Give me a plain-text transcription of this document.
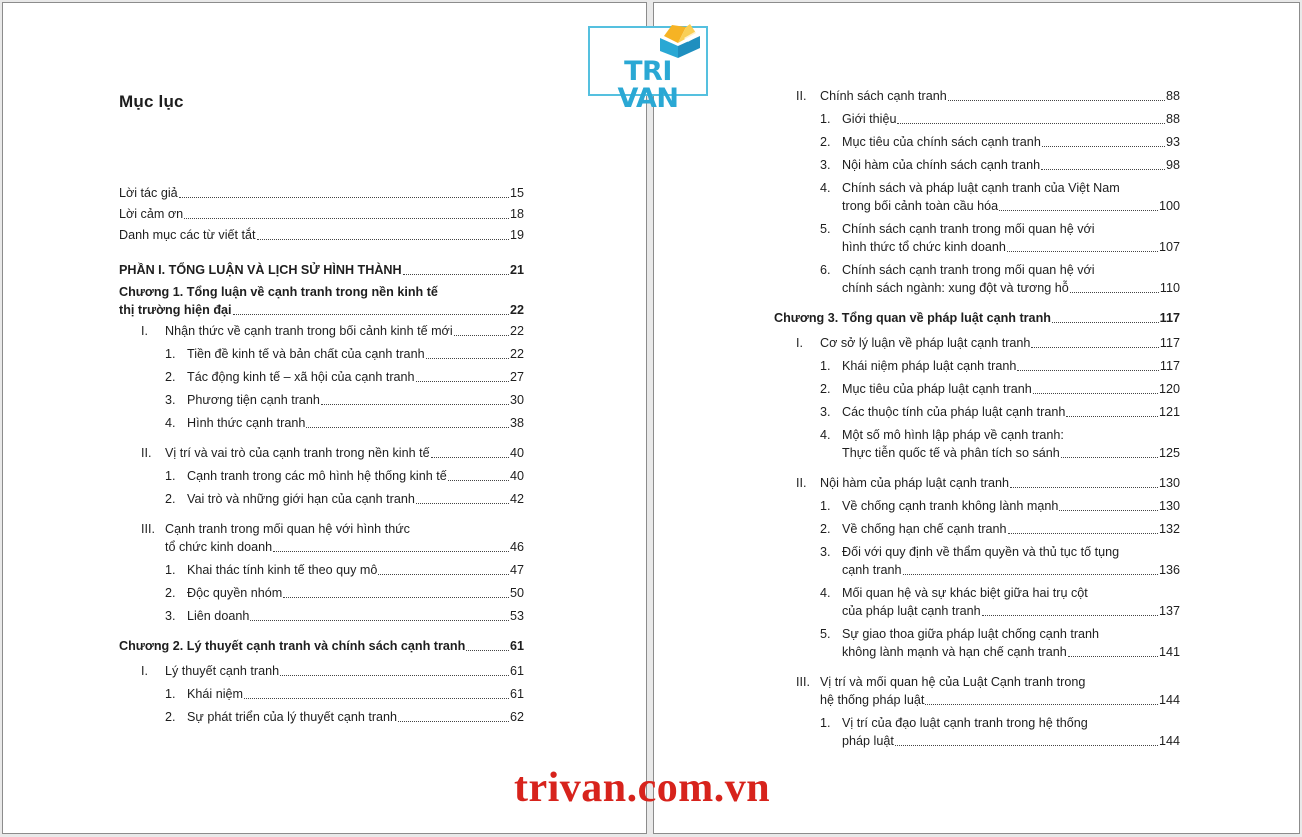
Mục lục
Lời tác giả	15
Lời cảm ơn	18
Danh mục các từ viết tắt	19
PHẦN I. TỔNG LUẬN VÀ LỊCH SỬ HÌNH THÀNH	21
Chương 1. Tổng luận về cạnh tranh trong nền kinh tế
thị trường hiện đại	22
I.	Nhận thức về cạnh tranh trong bối cảnh kinh tế mới	22
1. Tiền đề kinh tế và bản chất của cạnh tranh	22
2. Tác động kinh tế – xã hội của cạnh tranh	27
3. Phương tiện cạnh tranh	30
4. Hình thức cạnh tranh	38
II.	Vị trí và vai trò của cạnh tranh trong nền kinh tế	40
1. Cạnh tranh trong các mô hình hệ thống kinh tế	40
2. Vai trò và những giới hạn của cạnh tranh	42
III. Cạnh tranh trong mối quan hệ với hình thức
tổ chức kinh doanh	46
1. Khai thác tính kinh tế theo quy mô	47
2. Độc quyền nhóm	50
3. Liên doanh	53
Chương 2. Lý thuyết cạnh tranh và chính sách cạnh tranh	61
I.	Lý thuyết cạnh tranh	61
1. Khái niệm	61
2. Sự phát triển của lý thuyết cạnh tranh	62
II.	Chính sách cạnh tranh	88
1. Giới thiệu	88
2. Mục tiêu của chính sách cạnh tranh	93
3. Nội hàm của chính sách cạnh tranh	98
4. Chính sách và pháp luật cạnh tranh của Việt Nam
trong bối cảnh toàn cầu hóa	100
5. Chính sách cạnh tranh trong mối quan hệ với
hình thức tổ chức kinh doanh	107
6. Chính sách cạnh tranh trong mối quan hệ với
chính sách ngành: xung đột và tương hỗ	110
Chương 3. Tổng quan về pháp luật cạnh tranh	117
I.	Cơ sở lý luận về pháp luật cạnh tranh	117
1. Khái niệm pháp luật cạnh tranh	117
2. Mục tiêu của pháp luật cạnh tranh	120
3. Các thuộc tính của pháp luật cạnh tranh	121
4. Một số mô hình lập pháp về cạnh tranh:
Thực tiễn quốc tế và phân tích so sánh	125
II.	Nội hàm của pháp luật cạnh tranh	130
1. Về chống cạnh tranh không lành mạnh	130
2. Về chống hạn chế cạnh tranh	132
3. Đối với quy định về thẩm quyền và thủ tục tố tụng
cạnh tranh	136
4. Mối quan hệ và sự khác biệt giữa hai trụ cột
của pháp luật cạnh tranh	137
5. Sự giao thoa giữa pháp luật chống cạnh tranh
không lành mạnh và hạn chế cạnh tranh	141
III. Vị trí và mối quan hệ của Luật Cạnh tranh trong
hệ thống pháp luật	144
1. Vị trí của đạo luật cạnh tranh trong hệ thống
pháp luật	144
TRI VAN
trivan.com.vn
